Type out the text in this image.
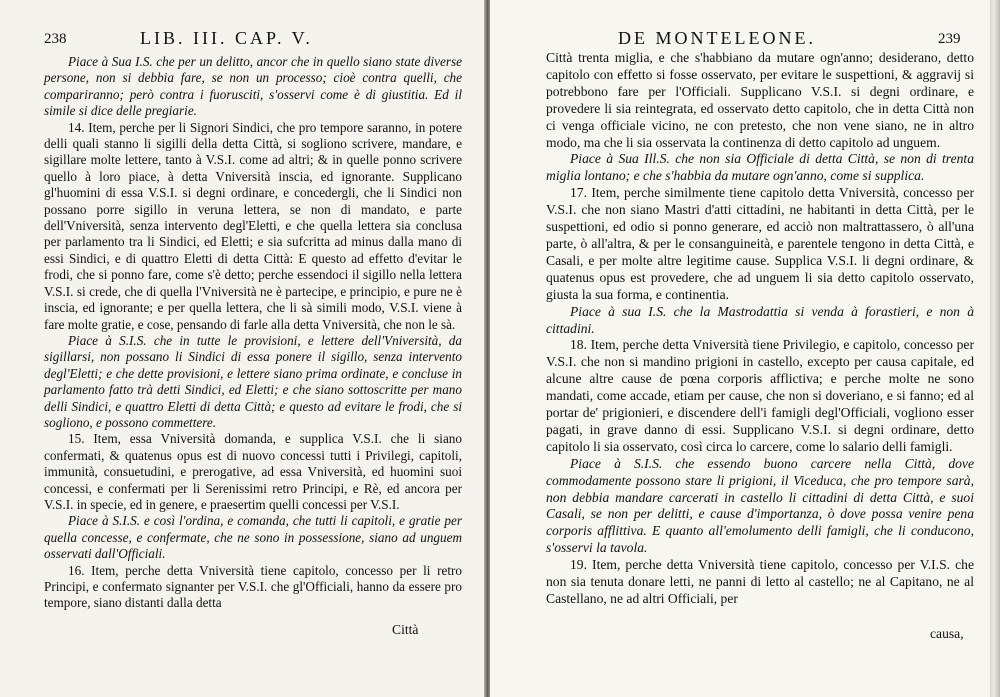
238	LIB. III. CAP. V.

Piace à Sua I.S. che per un delitto, ancor che in quello siano state diverse persone, non si debbia fare, se non un processo; cioè contra quelli, che compariranno; però contra i fuorusciti, s'osservi come è di giustitia. Ed il simile si dice delle pregiarie.

14. Item, perche per li Signori Sindici, che pro tempore saranno, in potere delli quali stanno li sigilli della detta Città, si sogliono scrivere, mandare, e sigillare molte lettere, tanto à V.S.I. come ad altri; & in quelle ponno scrivere quello à loro piace, à detta Vniversità inscia, ed ignorante. Supplicano gl'huomini di essa V.S.I. si degni ordinare, e concedergli, che li Sindici non possano porre sigillo in veruna lettera, se non di mandato, e parte dell'Vniversità, senza intervento degl'Eletti, e che quella lettera sia conclusa per parlamento tra li Sindici, ed Eletti; e sia sufcritta ad minus dalla mano di essi Sindici, e di quattro Eletti di detta Città: E questo ad effetto d'evitar le frodi, che si ponno fare, come s'è detto; perche essendoci il sigillo nella lettera V.S.I. si crede, che di quella l'Vniversità ne è partecipe, e principio, e pure ne è inscia, ed ignorante; e per quella lettera, che li sà simili modo, V.S.I. viene à fare molte gratie, e cose, pensando di farle alla detta Vniversità, che non le sà.

Piace à S.I.S. che in tutte le provisioni, e lettere dell'Vniversità, da sigillarsi, non possano li Sindici di essa ponere il sigillo, senza intervento degl'Eletti; e che dette provisioni, e lettere siano prima ordinate, e concluse in parlamento fatto trà detti Sindici, ed Eletti; e che siano sottoscritte per mano delli Sindici, e quattro Eletti di detta Città; e questo ad evitare le frodi, che si sogliono, e possono commettere.

15. Item, essa Vniversità domanda, e supplica V.S.I. che li siano confermati, & quatenus opus est di nuovo concessi tutti i Privilegi, capitoli, immunità, consuetudini, e prerogative, ad essa Vniversità, ed huomini suoi concessi, e confermati per li Serenissimi retro Principi, e Rè, ed ancora per V.S.I. in specie, ed in genere, e praesertim quelli concessi per V.S.I.

Piace à S.I.S. e così l'ordina, e comanda, che tutti li capitoli, e gratie per quella concesse, e confermate, che ne sono in possessione, siano ad unguem osservati dall'Officiali.

16. Item, perche detta Vniversità tiene capitolo, concesso per li retro Principi, e confermato signanter per V.S.I. che gl'Officiali, hanno da essere pro tempore, siano distanti dalla detta

Città
DE MONTELEONE.	239

Città trenta miglia, e che s'habbiano da mutare ogn'anno; desiderano, detto capitolo con effetto si fosse osservato, per evitare le suspettioni, & aggravij si potrebbono fare per l'Officiali. Supplicano V.S.I. si degni ordinare, e provedere li sia reintegrata, ed osservato detto capitolo, che in detta Città non ci venga officiale vicino, ne con pretesto, che non vene siano, ne in altro modo, ma che li sia osservata la continenza di detto capitolo ad unguem.

Piace à Sua Ill.S. che non sia Officiale di detta Città, se non di trenta miglia lontano; e che s'habbia da mutare ogn'anno, come si supplica.

17. Item, perche similmente tiene capitolo detta Vniversità, concesso per V.S.I. che non siano Mastri d'atti cittadini, ne habitanti in detta Città, per le suspettioni, ed odio si ponno generare, ed acciò non maltrattassero, ò all'una parte, ò all'altra, & per le consanguineità, e parentele tengono in detta Città, e Casali, e per molte altre legitime cause. Supplica V.S.I. li degni ordinare, & quatenus opus est provedere, che ad unguem li sia detto capitolo osservato, giusta la sua forma, e continentia.

Piace à sua I.S. che la Mastrodattia si venda à forastieri, e non à cittadini.

18. Item, perche detta Vniversità tiene Privilegio, e capitolo, concesso per V.S.I. che non si mandino prigioni in castello, excepto per causa capitale, ed alcune altre cause de pœna corporis afflictiva; e perche molte ne sono mandati, come accade, etiam per cause, che non si doveriano, e si fanno; ed al portar de' prigionieri, e discendere dell'i famigli degl'Officiali, vogliono esser pagati, in grave danno di essi. Supplicano V.S.I. si degni ordinare, detto capitolo li sia osservato, così circa lo carcere, come lo salario delli famigli.

Piace à S.I.S. che essendo buono carcere nella Città, dove commodamente possono stare li prigioni, il Viceduca, che pro tempore sarà, non debbia mandare carcerati in castello li cittadini di detta Città, e suoi Casali, se non per delitti, e cause d'importanza, ò dove possa venire pena corporis afflittiva. E quanto all'emolumento delli famigli, che li conducono, s'osservi la tavola.

19. Item, perche detta Vniversità tiene capitolo, concesso per V.I.S. che non sia tenuta donare letti, ne panni di letto al castello; ne al Capitano, ne al Castellano, ne ad altri Officiali, per

causa,
